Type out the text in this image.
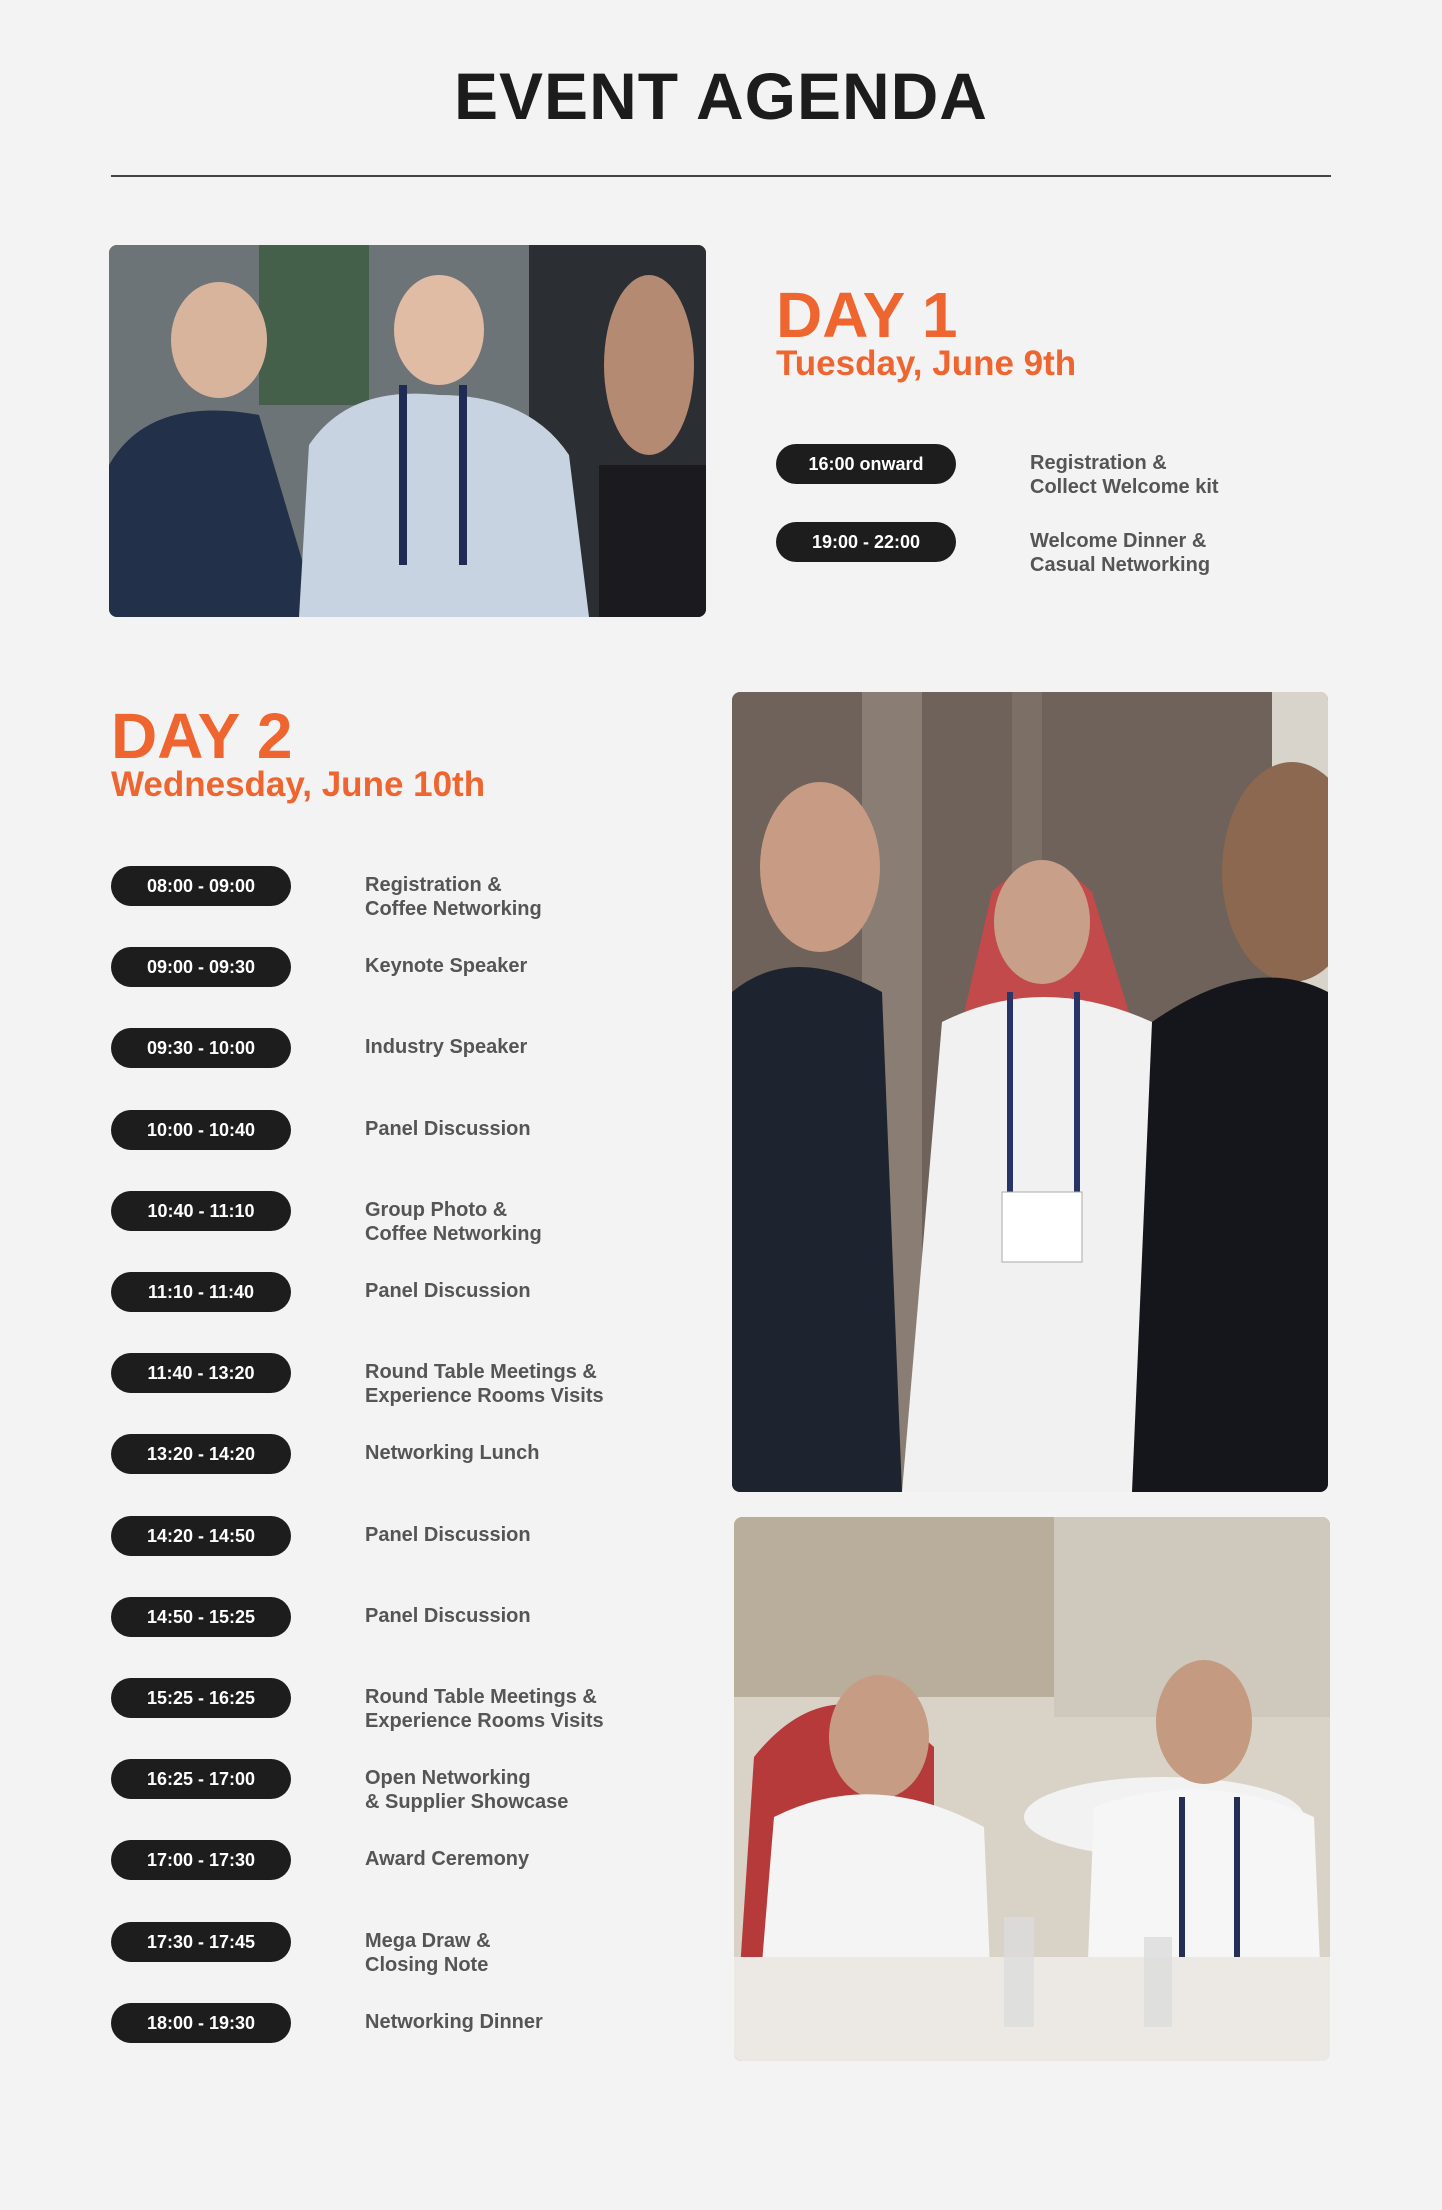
EVENT AGENDA
DAY 1
Tuesday, June 9th
16:00 onward	Registration &
Collect Welcome kit
19:00 - 22:00	Welcome Dinner &
Casual Networking
DAY 2
Wednesday, June 10th
08:00 - 09:00	Registration &
Coffee Networking
09:00 - 09:30	Keynote Speaker
09:30 - 10:00	Industry Speaker
10:00 - 10:40	Panel Discussion
10:40 - 11:10	Group Photo &
Coffee Networking
11:10 - 11:40	Panel Discussion
11:40 - 13:20	Round Table Meetings &
Experience Rooms Visits
13:20 - 14:20	Networking Lunch
14:20 - 14:50	Panel Discussion
14:50 - 15:25	Panel Discussion
15:25 - 16:25	Round Table Meetings &
Experience Rooms Visits
16:25 - 17:00	Open Networking
& Supplier Showcase
17:00 - 17:30	Award Ceremony
17:30 - 17:45	Mega Draw &
Closing Note
18:00 - 19:30	Networking Dinner
